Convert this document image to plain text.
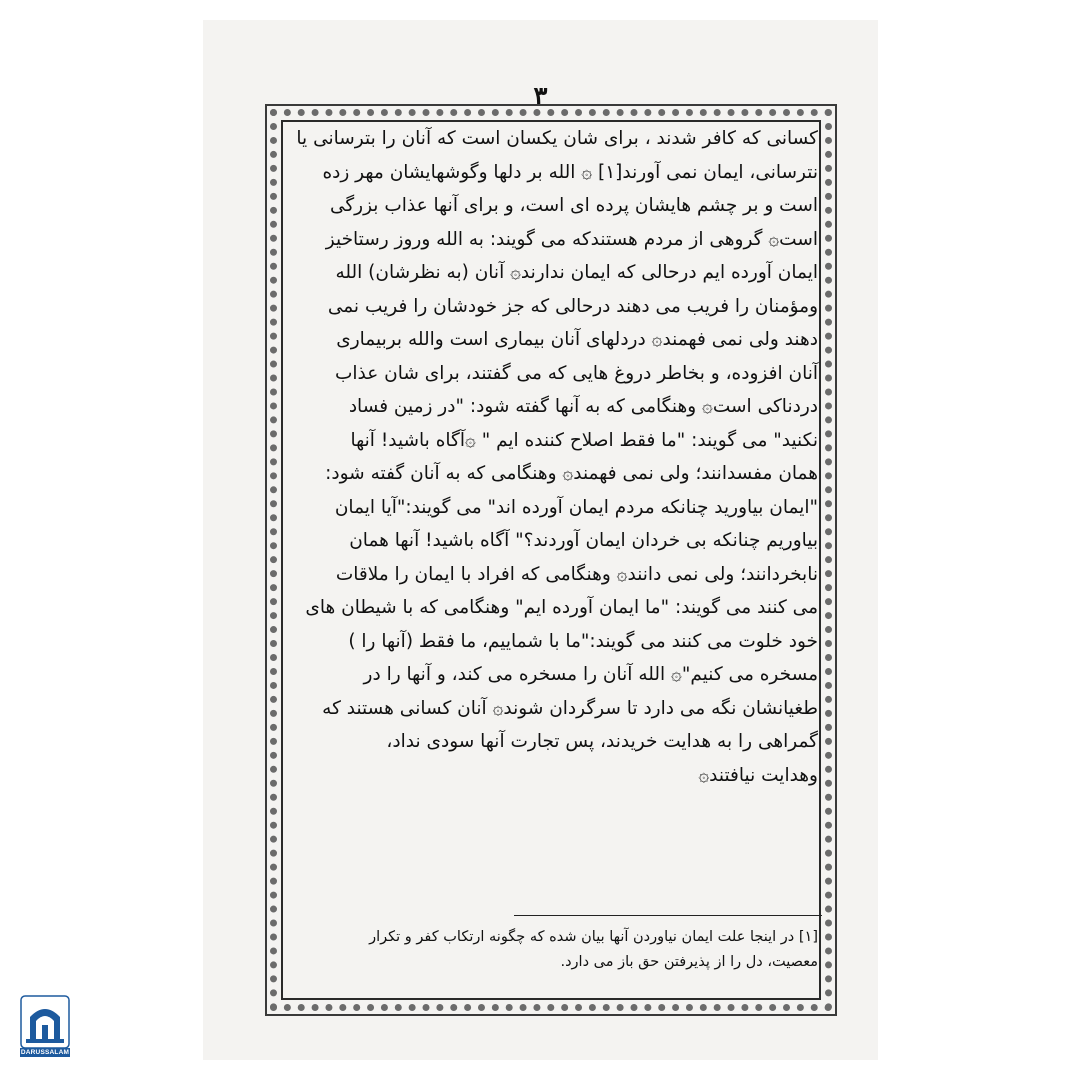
۳

کسانی که کافر شدند ، برای شان یکسان است که آنان را بترسانی یا

نترسانی، ایمان نمی آورند[۱] ۞ الله بر دلها وگوشهایشان مهر زده

است و بر چشم هایشان پرده ای است، و برای آنها عذاب بزرگی

است۞ گروهی از مردم هستندکه می گویند: به الله وروز رستاخیز

ایمان آورده ایم درحالی که ایمان ندارند۞ آنان (به نظرشان) الله

ومؤمنان را فریب می دهند درحالی که جز خودشان را فریب نمی

دهند ولی نمی فهمند۞ دردلهای آنان بیماری است والله بربیماری

آنان افزوده، و بخاطر دروغ هایی که می گفتند، برای شان عذاب

دردناکی است۞ وهنگامی که به آنها گفته شود: "در زمین فساد

نکنید" می گویند: "ما فقط اصلاح کننده ایم " ۞آگاه باشید! آنها

همان مفسدانند؛ ولی نمی فهمند۞ وهنگامی که به آنان گفته شود:

"ایمان بیاورید چنانکه مردم ایمان آورده اند" می گویند:"آیا ایمان

بیاوریم چنانکه بی خردان ایمان آوردند؟" آگاه باشید! آنها همان

نابخردانند؛ ولی نمی دانند۞ وهنگامی که افراد با ایمان را ملاقات

می کنند می گویند: "ما ایمان آورده ایم" وهنگامی که با شیطان های

خود خلوت می کنند می گویند:"ما با شماییم، ما فقط (آنها را )

مسخره می کنیم"۞ الله آنان را مسخره می کند، و آنها را در

طغیانشان نگه می دارد تا سرگردان شوند۞ آنان کسانی هستند که

گمراهی را به هدایت خریدند، پس تجارت آنها سودی نداد،

وهدایت نیافتند۞

[۱] در اینجا علت ایمان نیاوردن آنها بیان شده که چگونه ارتکاب کفر و تکرار

معصیت، دل را از پذیرفتن حق باز می دارد.

DARUSSALAM
